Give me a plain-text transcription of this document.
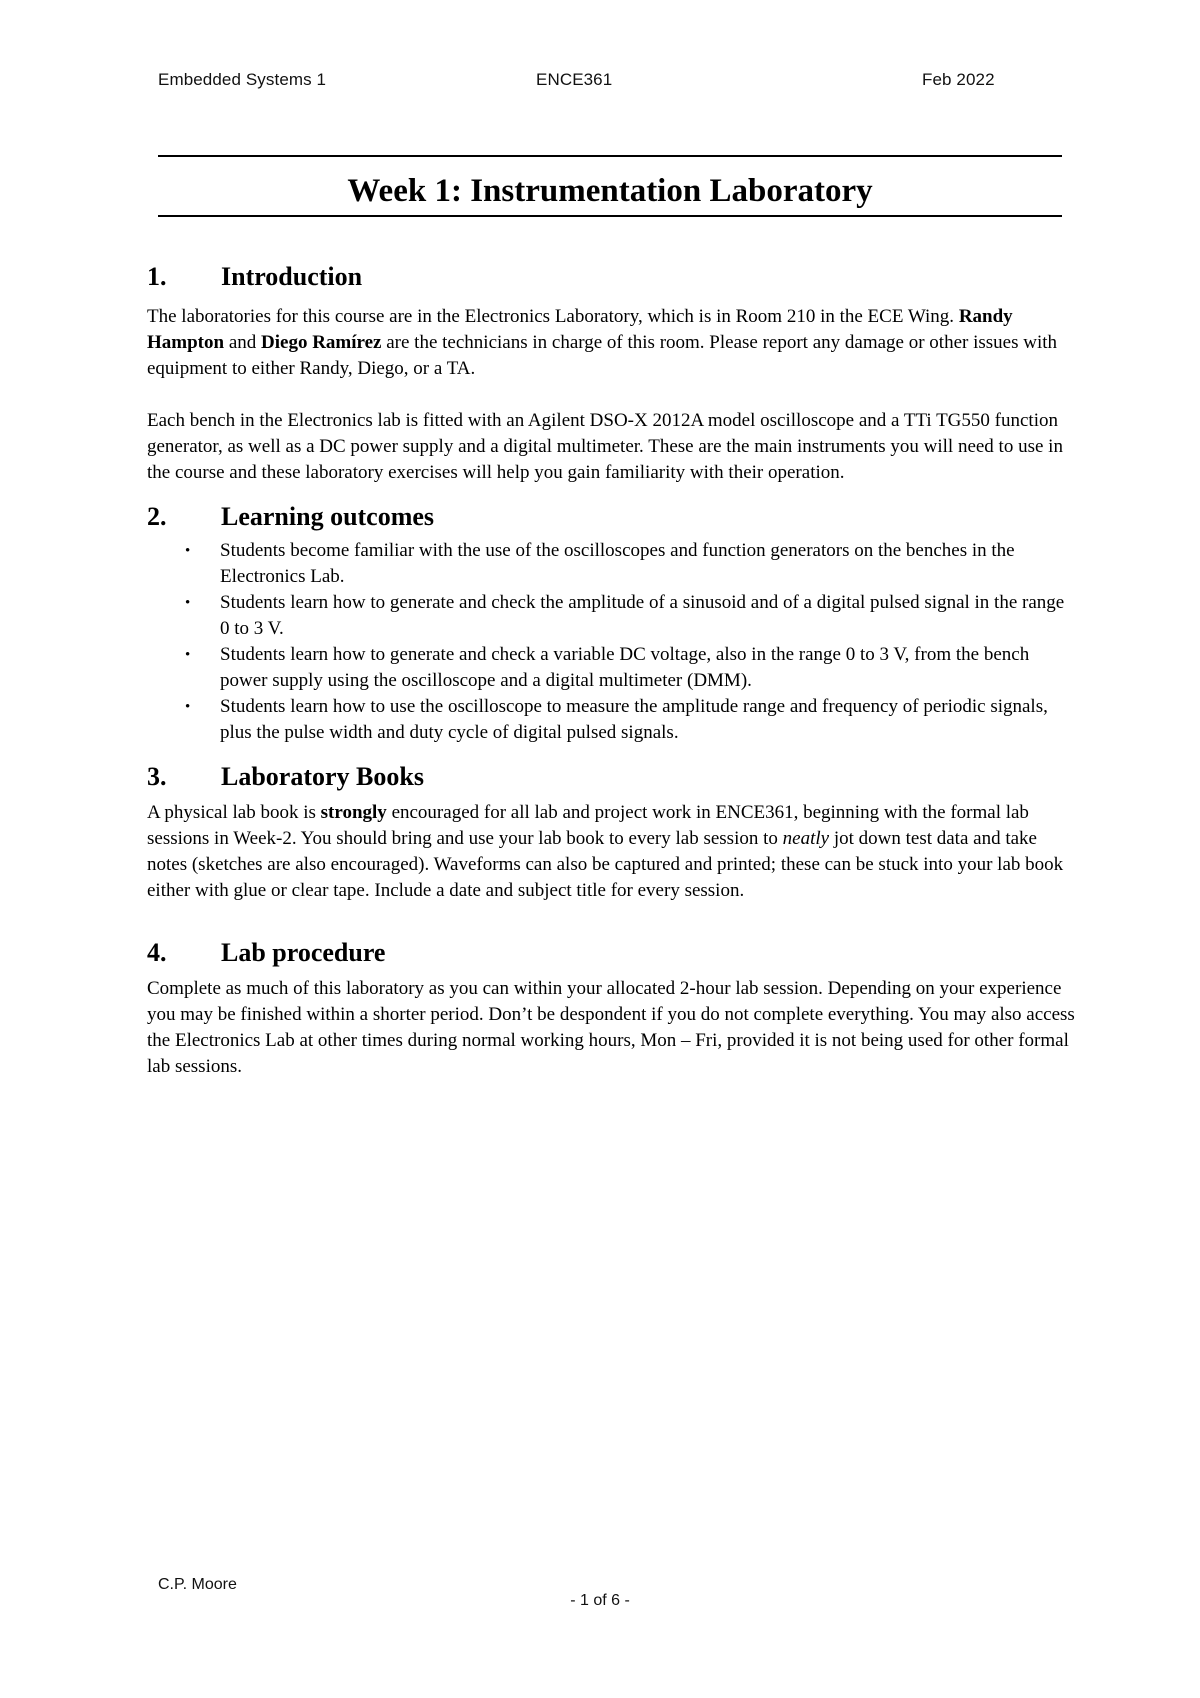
Embedded Systems 1	ENCE361	Feb 2022
Week 1: Instrumentation Laboratory
1.	Introduction

The laboratories for this course are in the Electronics Laboratory, which is in Room 210 in the ECE Wing. Randy Hampton and Diego Ramírez are the technicians in charge of this room. Please report any damage or other issues with equipment to either Randy, Diego, or a TA.

Each bench in the Electronics lab is fitted with an Agilent DSO-X 2012A model oscilloscope and a TTi TG550 function generator, as well as a DC power supply and a digital multimeter. These are the main instruments you will need to use in the course and these laboratory exercises will help you gain familiarity with their operation.

2.	Learning outcomes
• Students become familiar with the use of the oscilloscopes and function generators on the benches in the Electronics Lab.
• Students learn how to generate and check the amplitude of a sinusoid and of a digital pulsed signal in the range 0 to 3 V.
• Students learn how to generate and check a variable DC voltage, also in the range 0 to 3 V, from the bench power supply using the oscilloscope and a digital multimeter (DMM).
• Students learn how to use the oscilloscope to measure the amplitude range and frequency of periodic signals, plus the pulse width and duty cycle of digital pulsed signals.
3.	Laboratory Books

A physical lab book is strongly encouraged for all lab and project work in ENCE361, beginning with the formal lab sessions in Week-2. You should bring and use your lab book to every lab session to neatly jot down test data and take notes (sketches are also encouraged). Waveforms can also be captured and printed; these can be stuck into your lab book either with glue or clear tape. Include a date and subject title for every session.

4.	Lab procedure

Complete as much of this laboratory as you can within your allocated 2-hour lab session. Depending on your experience you may be finished within a shorter period. Don’t be despondent if you do not complete everything. You may also access the Electronics Lab at other times during normal working hours, Mon – Fri, provided it is not being used for other formal lab sessions.

C.P. Moore
- 1 of 6 -
